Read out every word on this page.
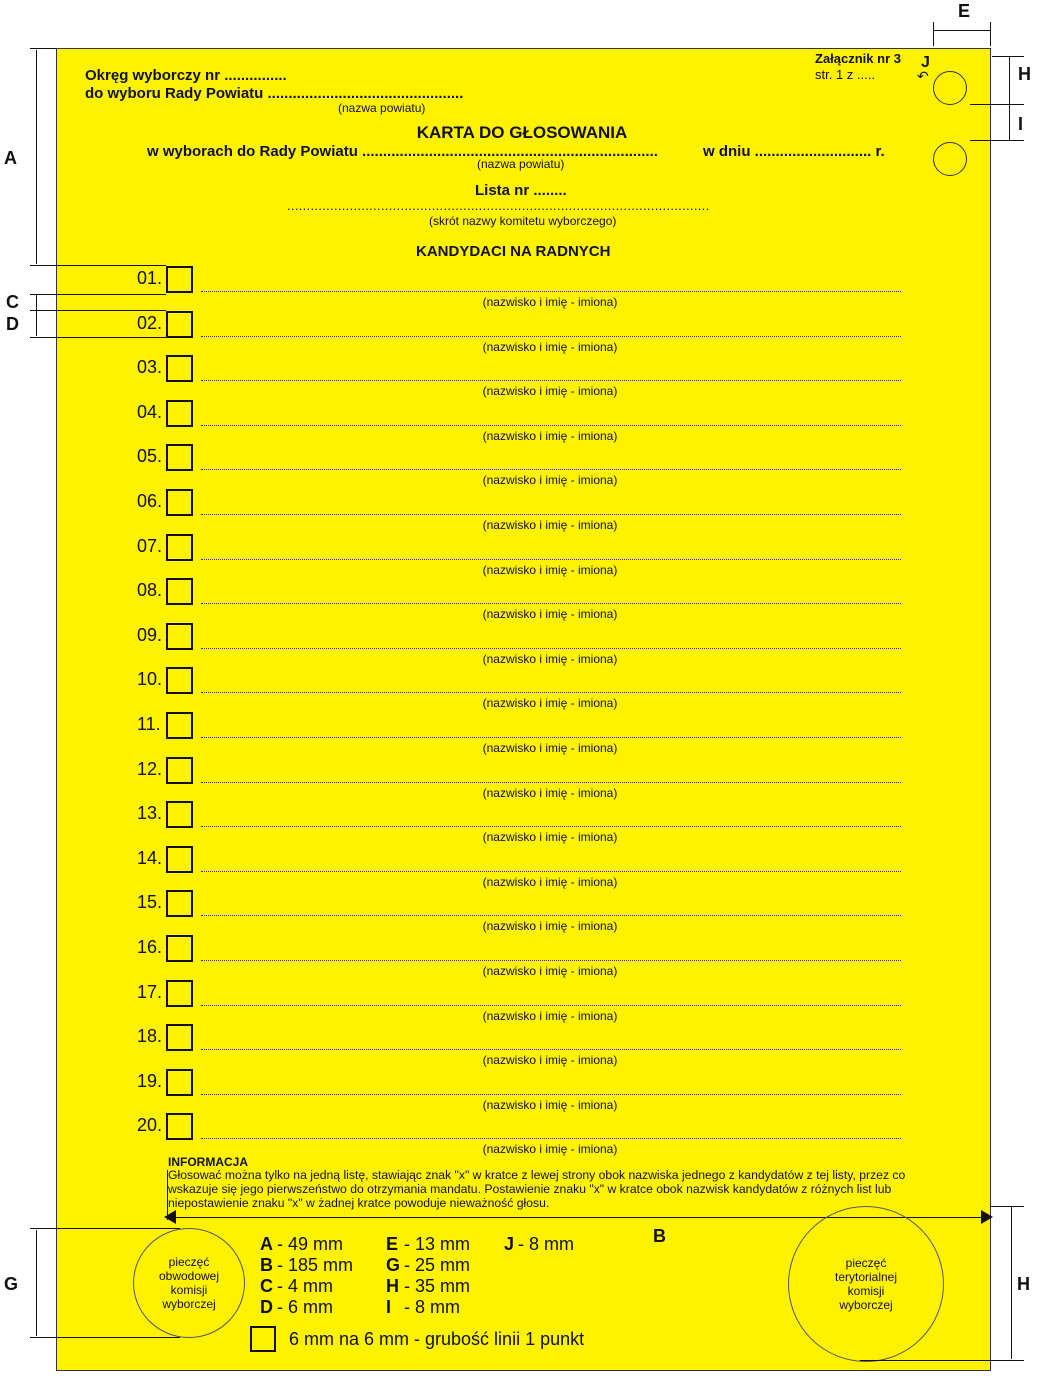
Załącznik nr 3
str. 1 z .....
Okręg wyborczy nr ...............
do wyboru Rady Powiatu ...............................................
(nazwa powiatu)
KARTA DO GŁOSOWANIA
w wyborach do Rady Powiatu .......................................................................	w dniu ............................ r.
(nazwa powiatu)
Lista nr ........
............................................................................................................
(skrót nazwy komitetu wyborczego)
KANDYDACI NA RADNYCH
J
↶
01.
(nazwisko i imię - imiona)
02.
(nazwisko i imię - imiona)
03.
(nazwisko i imię - imiona)
04.
(nazwisko i imię - imiona)
05.
(nazwisko i imię - imiona)
06.
(nazwisko i imię - imiona)
07.
(nazwisko i imię - imiona)
08.
(nazwisko i imię - imiona)
09.
(nazwisko i imię - imiona)
10.
(nazwisko i imię - imiona)
11.
(nazwisko i imię - imiona)
12.
(nazwisko i imię - imiona)
13.
(nazwisko i imię - imiona)
14.
(nazwisko i imię - imiona)
15.
(nazwisko i imię - imiona)
16.
(nazwisko i imię - imiona)
17.
(nazwisko i imię - imiona)
18.
(nazwisko i imię - imiona)
19.
(nazwisko i imię - imiona)
20.
(nazwisko i imię - imiona)
INFORMACJA
Głosować można tylko na jedną listę, stawiając znak "x" w kratce z lewej strony obok nazwiska jednego z kandydatów z tej listy, przez co
wskazuje się jego pierwszeństwo do otrzymania mandatu. Postawienie znaku "x" w kratce obok nazwisk kandydatów z różnych list lub
niepostawienie znaku "x" w żadnej kratce powoduje nieważność głosu.
B
pieczęć
obwodowej
komisji
wyborczej
pieczęć
terytorialnej
komisji
wyborczej
A	- 49 mm
B	- 185 mm
C	- 4 mm
D	- 6 mm
E	- 13 mm
G	- 25 mm
H	- 35 mm
I	- 8 mm
J	- 8 mm
6 mm na 6 mm - grubość linii 1 punkt
A
C
D
E
H
I
G	H
